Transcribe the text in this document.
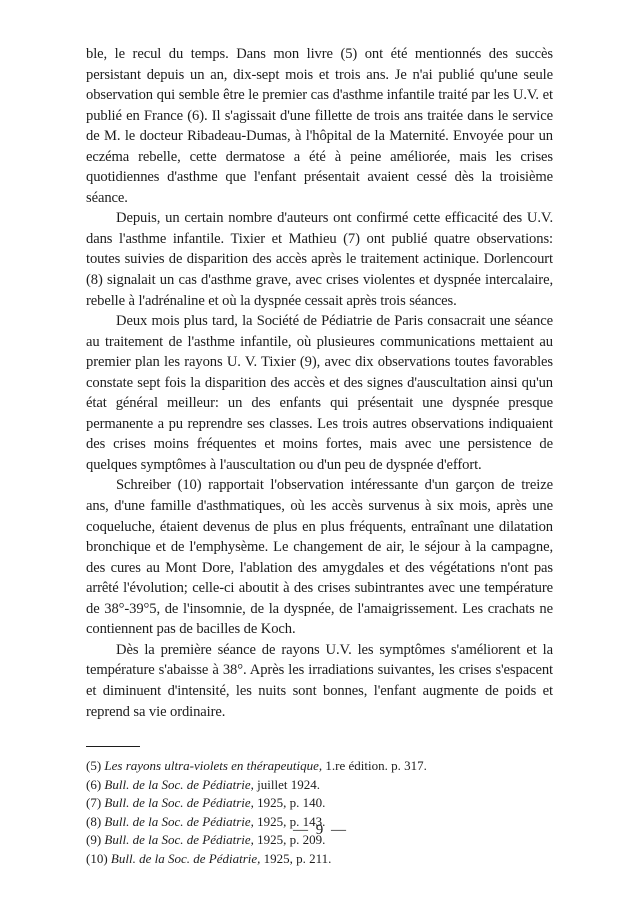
ble, le recul du temps. Dans mon livre (5) ont été mentionnés des succès persistant depuis un an, dix-sept mois et trois ans. Je n'ai publié qu'une seule observation qui semble être le premier cas d'asthme infantile traité par les U.V. et publié en France (6). Il s'agissait d'une fillette de trois ans traitée dans le service de M. le docteur Ribadeau-Dumas, à l'hôpital de la Maternité. Envoyée pour un eczéma rebelle, cette dermatose a été à peine améliorée, mais les crises quotidiennes d'asthme que l'enfant présentait avaient cessé dès la troisième séance.

Depuis, un certain nombre d'auteurs ont confirmé cette efficacité des U.V. dans l'asthme infantile. Tixier et Mathieu (7) ont publié quatre observations: toutes suivies de disparition des accès après le traitement actinique. Dorlencourt (8) signalait un cas d'asthme grave, avec crises violentes et dyspnée intercalaire, rebelle à l'adrénaline et où la dyspnée cessait après trois séances.

Deux mois plus tard, la Société de Pédiatrie de Paris consacrait une séance au traitement de l'asthme infantile, où plusieures communications mettaient au premier plan les rayons U. V. Tixier (9), avec dix observations toutes favorables constate sept fois la disparition des accès et des signes d'auscultation ainsi qu'un état général meilleur: un des enfants qui présentait une dyspnée presque permanente a pu reprendre ses classes. Les trois autres observations indiquaient des crises moins fréquentes et moins fortes, mais avec une persistence de quelques symptômes à l'auscultation ou d'un peu de dyspnée d'effort.

Schreiber (10) rapportait l'observation intéressante d'un garçon de treize ans, d'une famille d'asthmatiques, où les accès survenus à six mois, après une coqueluche, étaient devenus de plus en plus fréquents, entraînant une dilatation bronchique et de l'emphysème. Le changement de air, le séjour à la campagne, des cures au Mont Dore, l'ablation des amygdales et des végétations n'ont pas arrêté l'évolution; celle-ci aboutit à des crises subintrantes avec une température de 38°-39°5, de l'insomnie, de la dyspnée, de l'amaigrissement. Les crachats ne contiennent pas de bacilles de Koch.

Dès la première séance de rayons U.V. les symptômes s'améliorent et la température s'abaisse à 38°. Après les irradiations suivantes, les crises s'espacent et diminuent d'intensité, les nuits sont bonnes, l'enfant augmente de poids et reprend sa vie ordinaire.

(5) Les rayons ultra-violets en thérapeutique, 1.re édition. p. 317.
(6) Bull. de la Soc. de Pédiatrie, juillet 1924.
(7) Bull. de la Soc. de Pédiatrie, 1925, p. 140.
(8) Bull. de la Soc. de Pédiatrie, 1925, p. 143.
(9) Bull. de la Soc. de Pédiatrie, 1925, p. 209.
(10) Bull. de la Soc. de Pédiatrie, 1925, p. 211.
— 9 —
